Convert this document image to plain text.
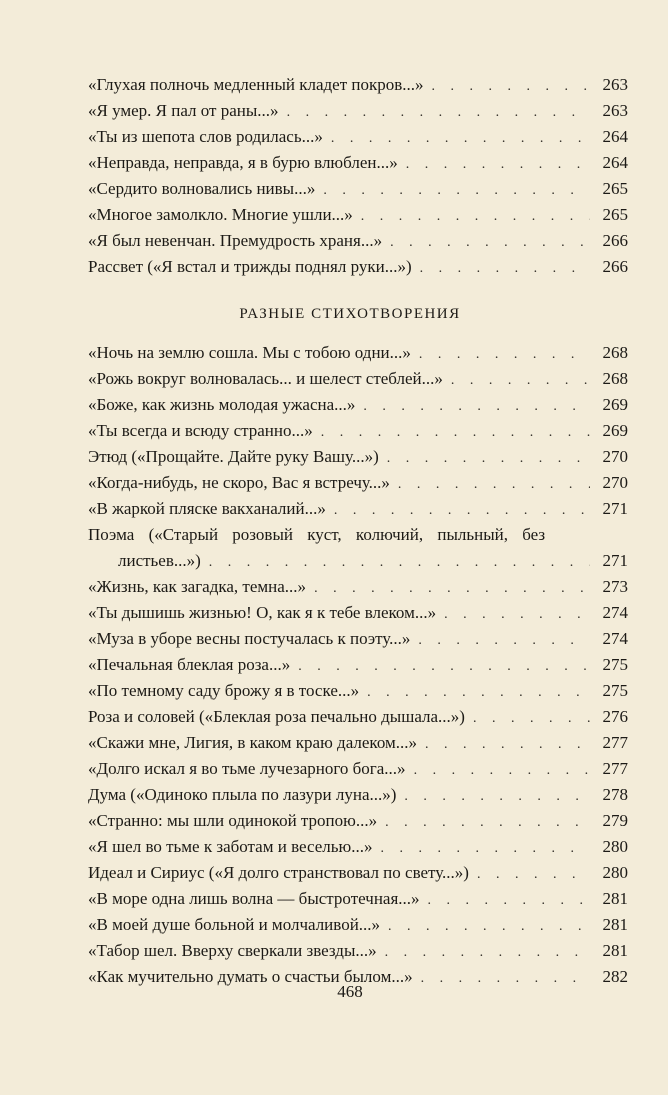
«Глухая полночь медленный кладет покров...» . . .	263
«Я умер. Я пал от раны...» . . .	263
«Ты из шепота слов родилась...» . . .	264
«Неправда, неправда, я в бурю влюблен...» . . .	264
«Сердито волновались нивы...» . . .	265
«Многое замолкло. Многие ушли...» . . .	265
«Я был невенчан. Премудрость храня...» . . .	266
Рассвет («Я встал и трижды поднял руки...») . . .	266
РАЗНЫЕ СТИХОТВОРЕНИЯ
«Ночь на землю сошла. Мы с тобою одни...» . . .	268
«Рожь вокруг волновалась... и шелест стеблей...» . . .	268
«Боже, как жизнь молодая ужасна...» . . .	269
«Ты всегда и всюду странно...» . . .	269
Этюд («Прощайте. Дайте руку Вашу...») . . .	270
«Когда-нибудь, не скоро, Вас я встречу...» . . .	270
«В жаркой пляске вакханалий...» . . .	271
Поэма («Старый розовый куст, колючий, пыльный, без
листьев...») . . .	271
«Жизнь, как загадка, темна...» . . .	273
«Ты дышишь жизнью! О, как я к тебе влеком...» . . .	274
«Муза в уборе весны постучалась к поэту...» . . .	274
«Печальная блеклая роза...» . . .	275
«По темному саду брожу я в тоске...» . . .	275
Роза и соловей («Блеклая роза печально дышала...») . . .	276
«Скажи мне, Лигия, в каком краю далеком...» . . .	277
«Долго искал я во тьме лучезарного бога...» . . .	277
Дума («Одиноко плыла по лазури луна...») . . .	278
«Странно: мы шли одинокой тропою...» . . .	279
«Я шел во тьме к заботам и веселью...» . . .	280
Идеал и Сириус («Я долго странствовал по свету...») . . .	280
«В море одна лишь волна — быстротечная...» . . .	281
«В моей душе больной и молчаливой...» . . .	281
«Табор шел. Вверху сверкали звезды...» . . .	281
«Как мучительно думать о счастьи былом...» . . .	282
468
